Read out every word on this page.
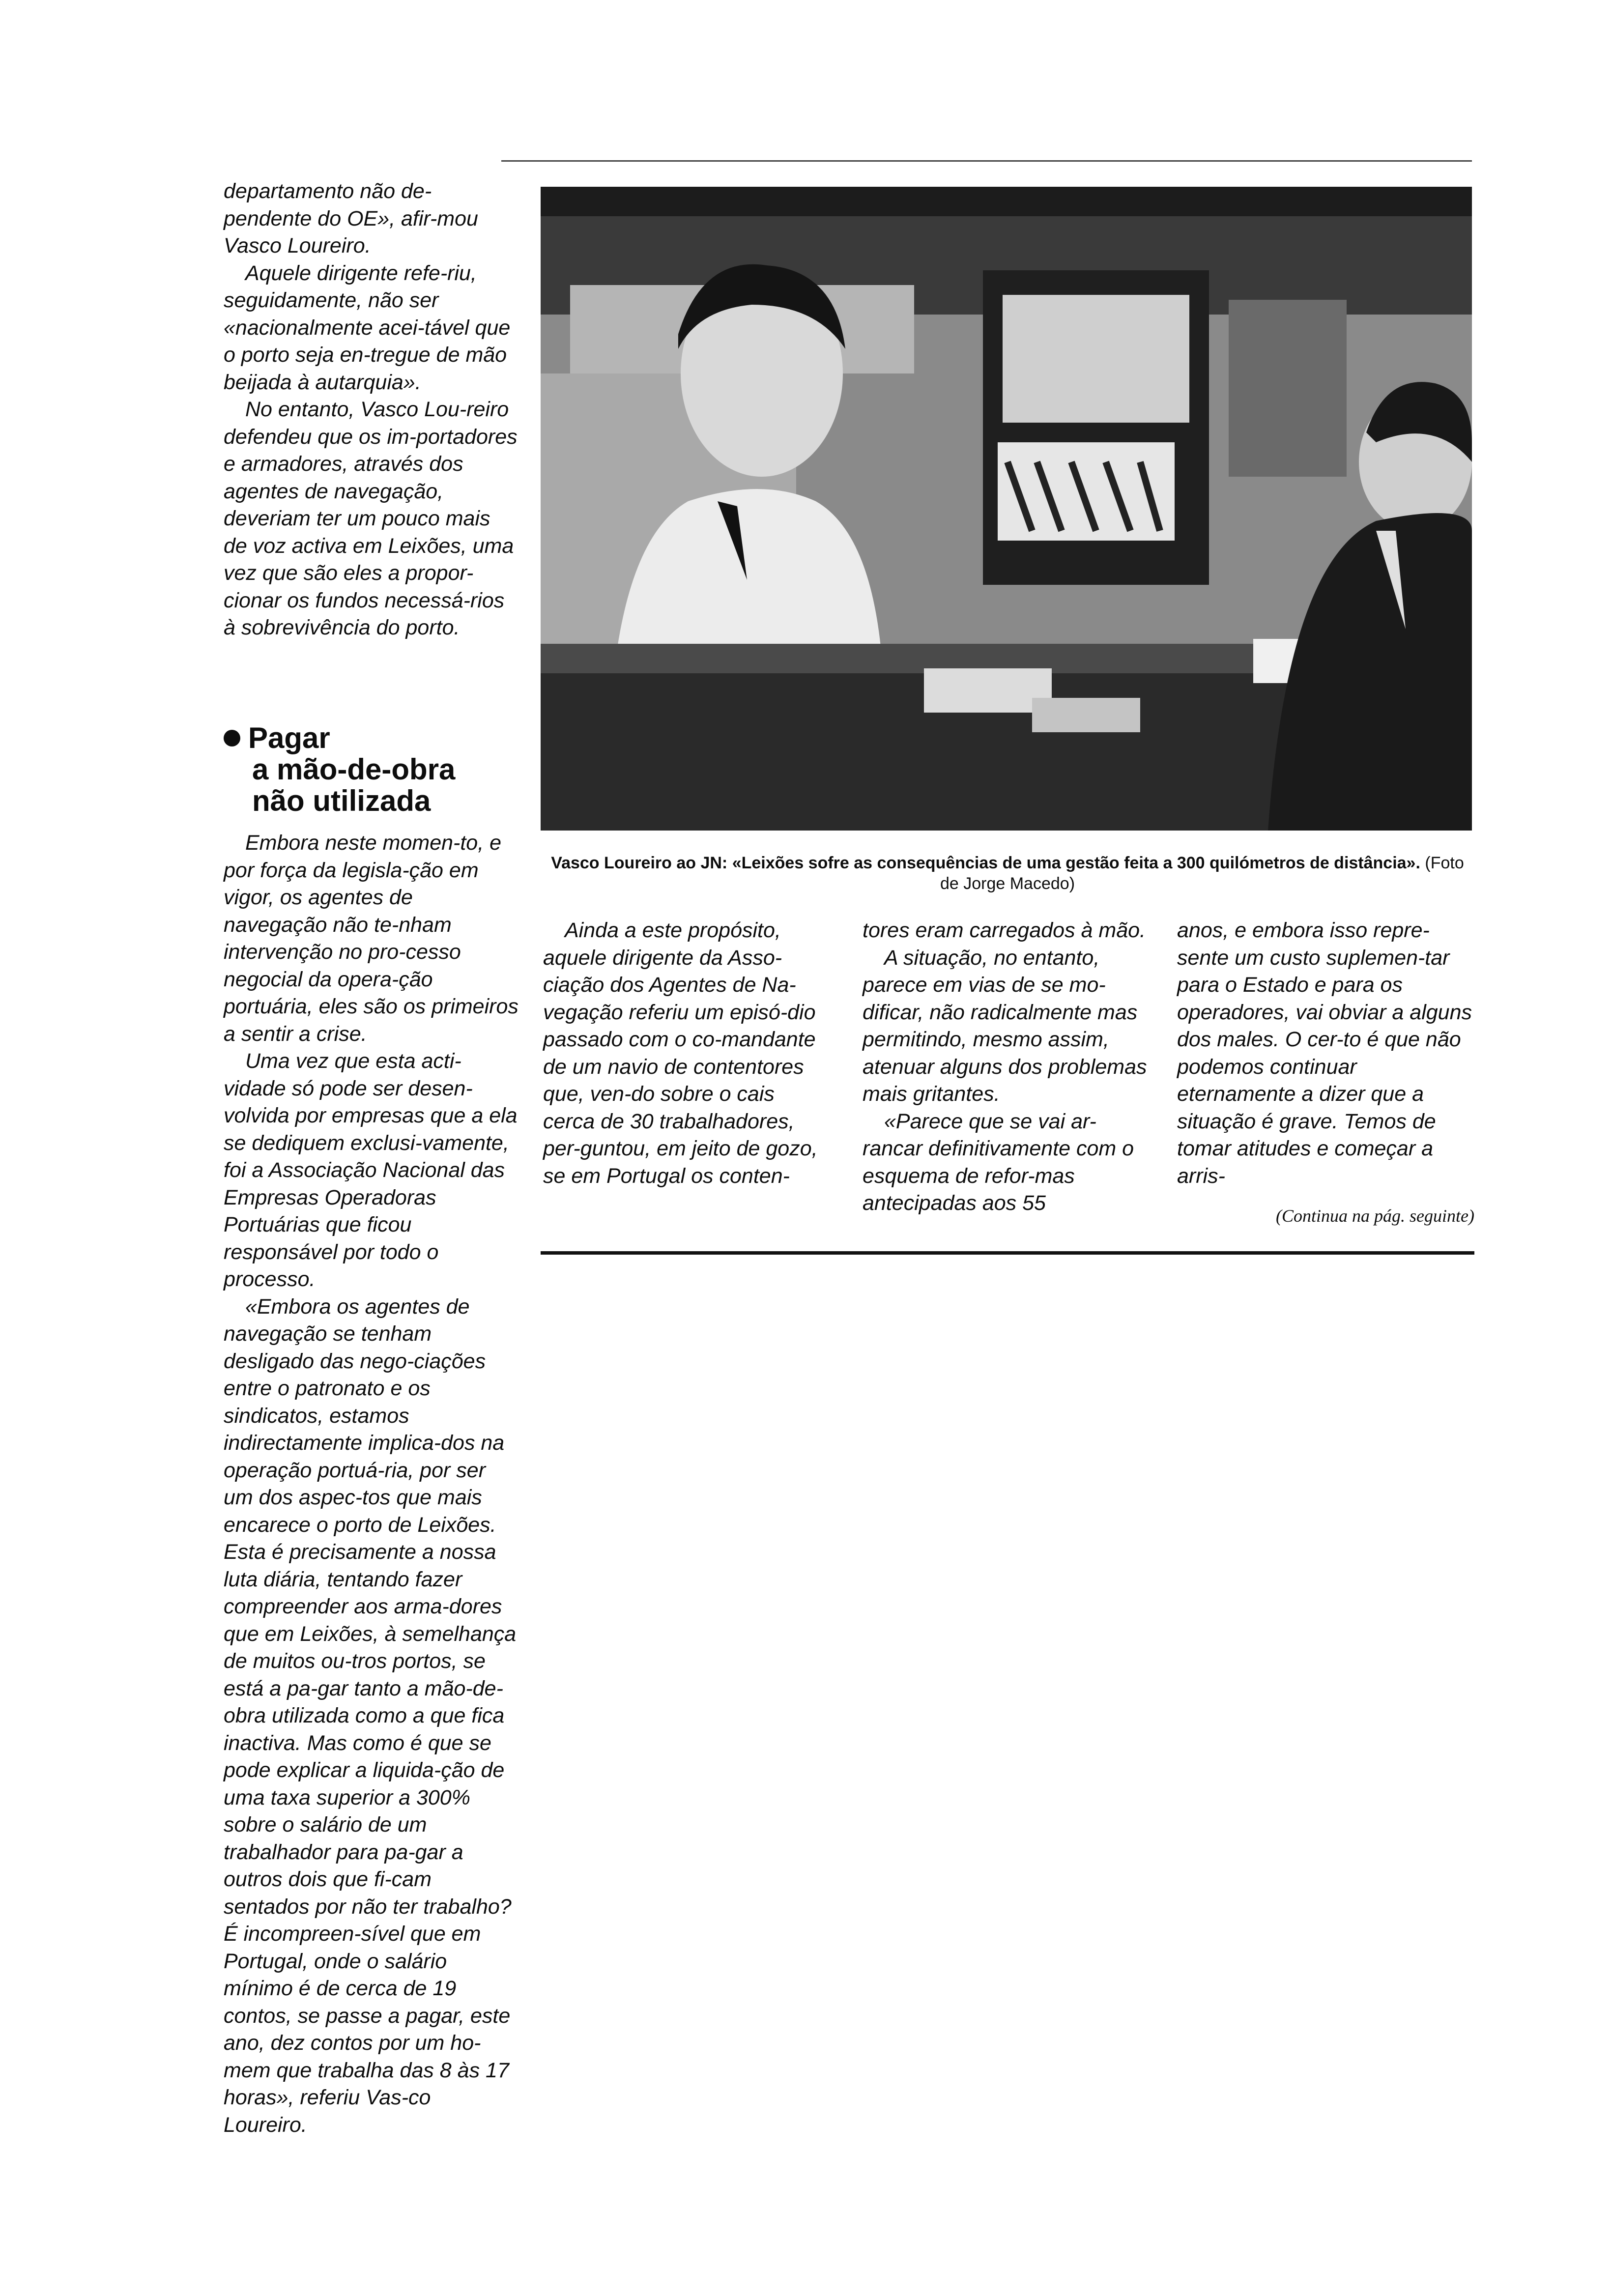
departamento não de-pendente do OE», afir-mou Vasco Loureiro.

Aquele dirigente refe-riu, seguidamente, não ser «nacionalmente acei-tável que o porto seja en-tregue de mão beijada à autarquia».

No entanto, Vasco Lou-reiro defendeu que os im-portadores e armadores, através dos agentes de navegação, deveriam ter um pouco mais de voz activa em Leixões, uma vez que são eles a propor-cionar os fundos necessá-rios à sobrevivência do porto.

Pagar
a mão-de-obra
não utilizada

Embora neste momen-to, e por força da legisla-ção em vigor, os agentes de navegação não te-nham intervenção no pro-cesso negocial da opera-ção portuária, eles são os primeiros a sentir a crise.

Uma vez que esta acti-vidade só pode ser desen-volvida por empresas que a ela se dediquem exclusi-vamente, foi a Associação Nacional das Empresas Operadoras Portuárias que ficou responsável por todo o processo.

«Embora os agentes de navegação se tenham desligado das nego-ciações entre o patronato e os sindicatos, estamos indirectamente implica-dos na operação portuá-ria, por ser um dos aspec-tos que mais encarece o porto de Leixões. Esta é precisamente a nossa luta diária, tentando fazer compreender aos arma-dores que em Leixões, à semelhança de muitos ou-tros portos, se está a pa-gar tanto a mão-de-obra utilizada como a que fica inactiva. Mas como é que se pode explicar a liquida-ção de uma taxa superior a 300% sobre o salário de um trabalhador para pa-gar a outros dois que fi-cam sentados por não ter trabalho? É incompreen-sível que em Portugal, onde o salário mínimo é de cerca de 19 contos, se passe a pagar, este ano, dez contos por um ho-mem que trabalha das 8 às 17 horas», referiu Vas-co Loureiro.

Vasco Loureiro ao JN: «Leixões sofre as consequências de uma gestão feita a 300 quilómetros de distância». (Foto de Jorge Macedo)

Ainda a este propósito, aquele dirigente da Asso-ciação dos Agentes de Na-vegação referiu um episó-dio passado com o co-mandante de um navio de contentores que, ven-do sobre o cais cerca de 30 trabalhadores, per-guntou, em jeito de gozo, se em Portugal os conten-

tores eram carregados à mão.

A situação, no entanto, parece em vias de se mo-dificar, não radicalmente mas permitindo, mesmo assim, atenuar alguns dos problemas mais gritantes.

«Parece que se vai ar-rancar definitivamente com o esquema de refor-mas antecipadas aos 55

anos, e embora isso repre-sente um custo suplemen-tar para o Estado e para os operadores, vai obviar a alguns dos males. O cer-to é que não podemos continuar eternamente a dizer que a situação é grave. Temos de tomar atitudes e começar a arris-

(Continua na pág. seguinte)
